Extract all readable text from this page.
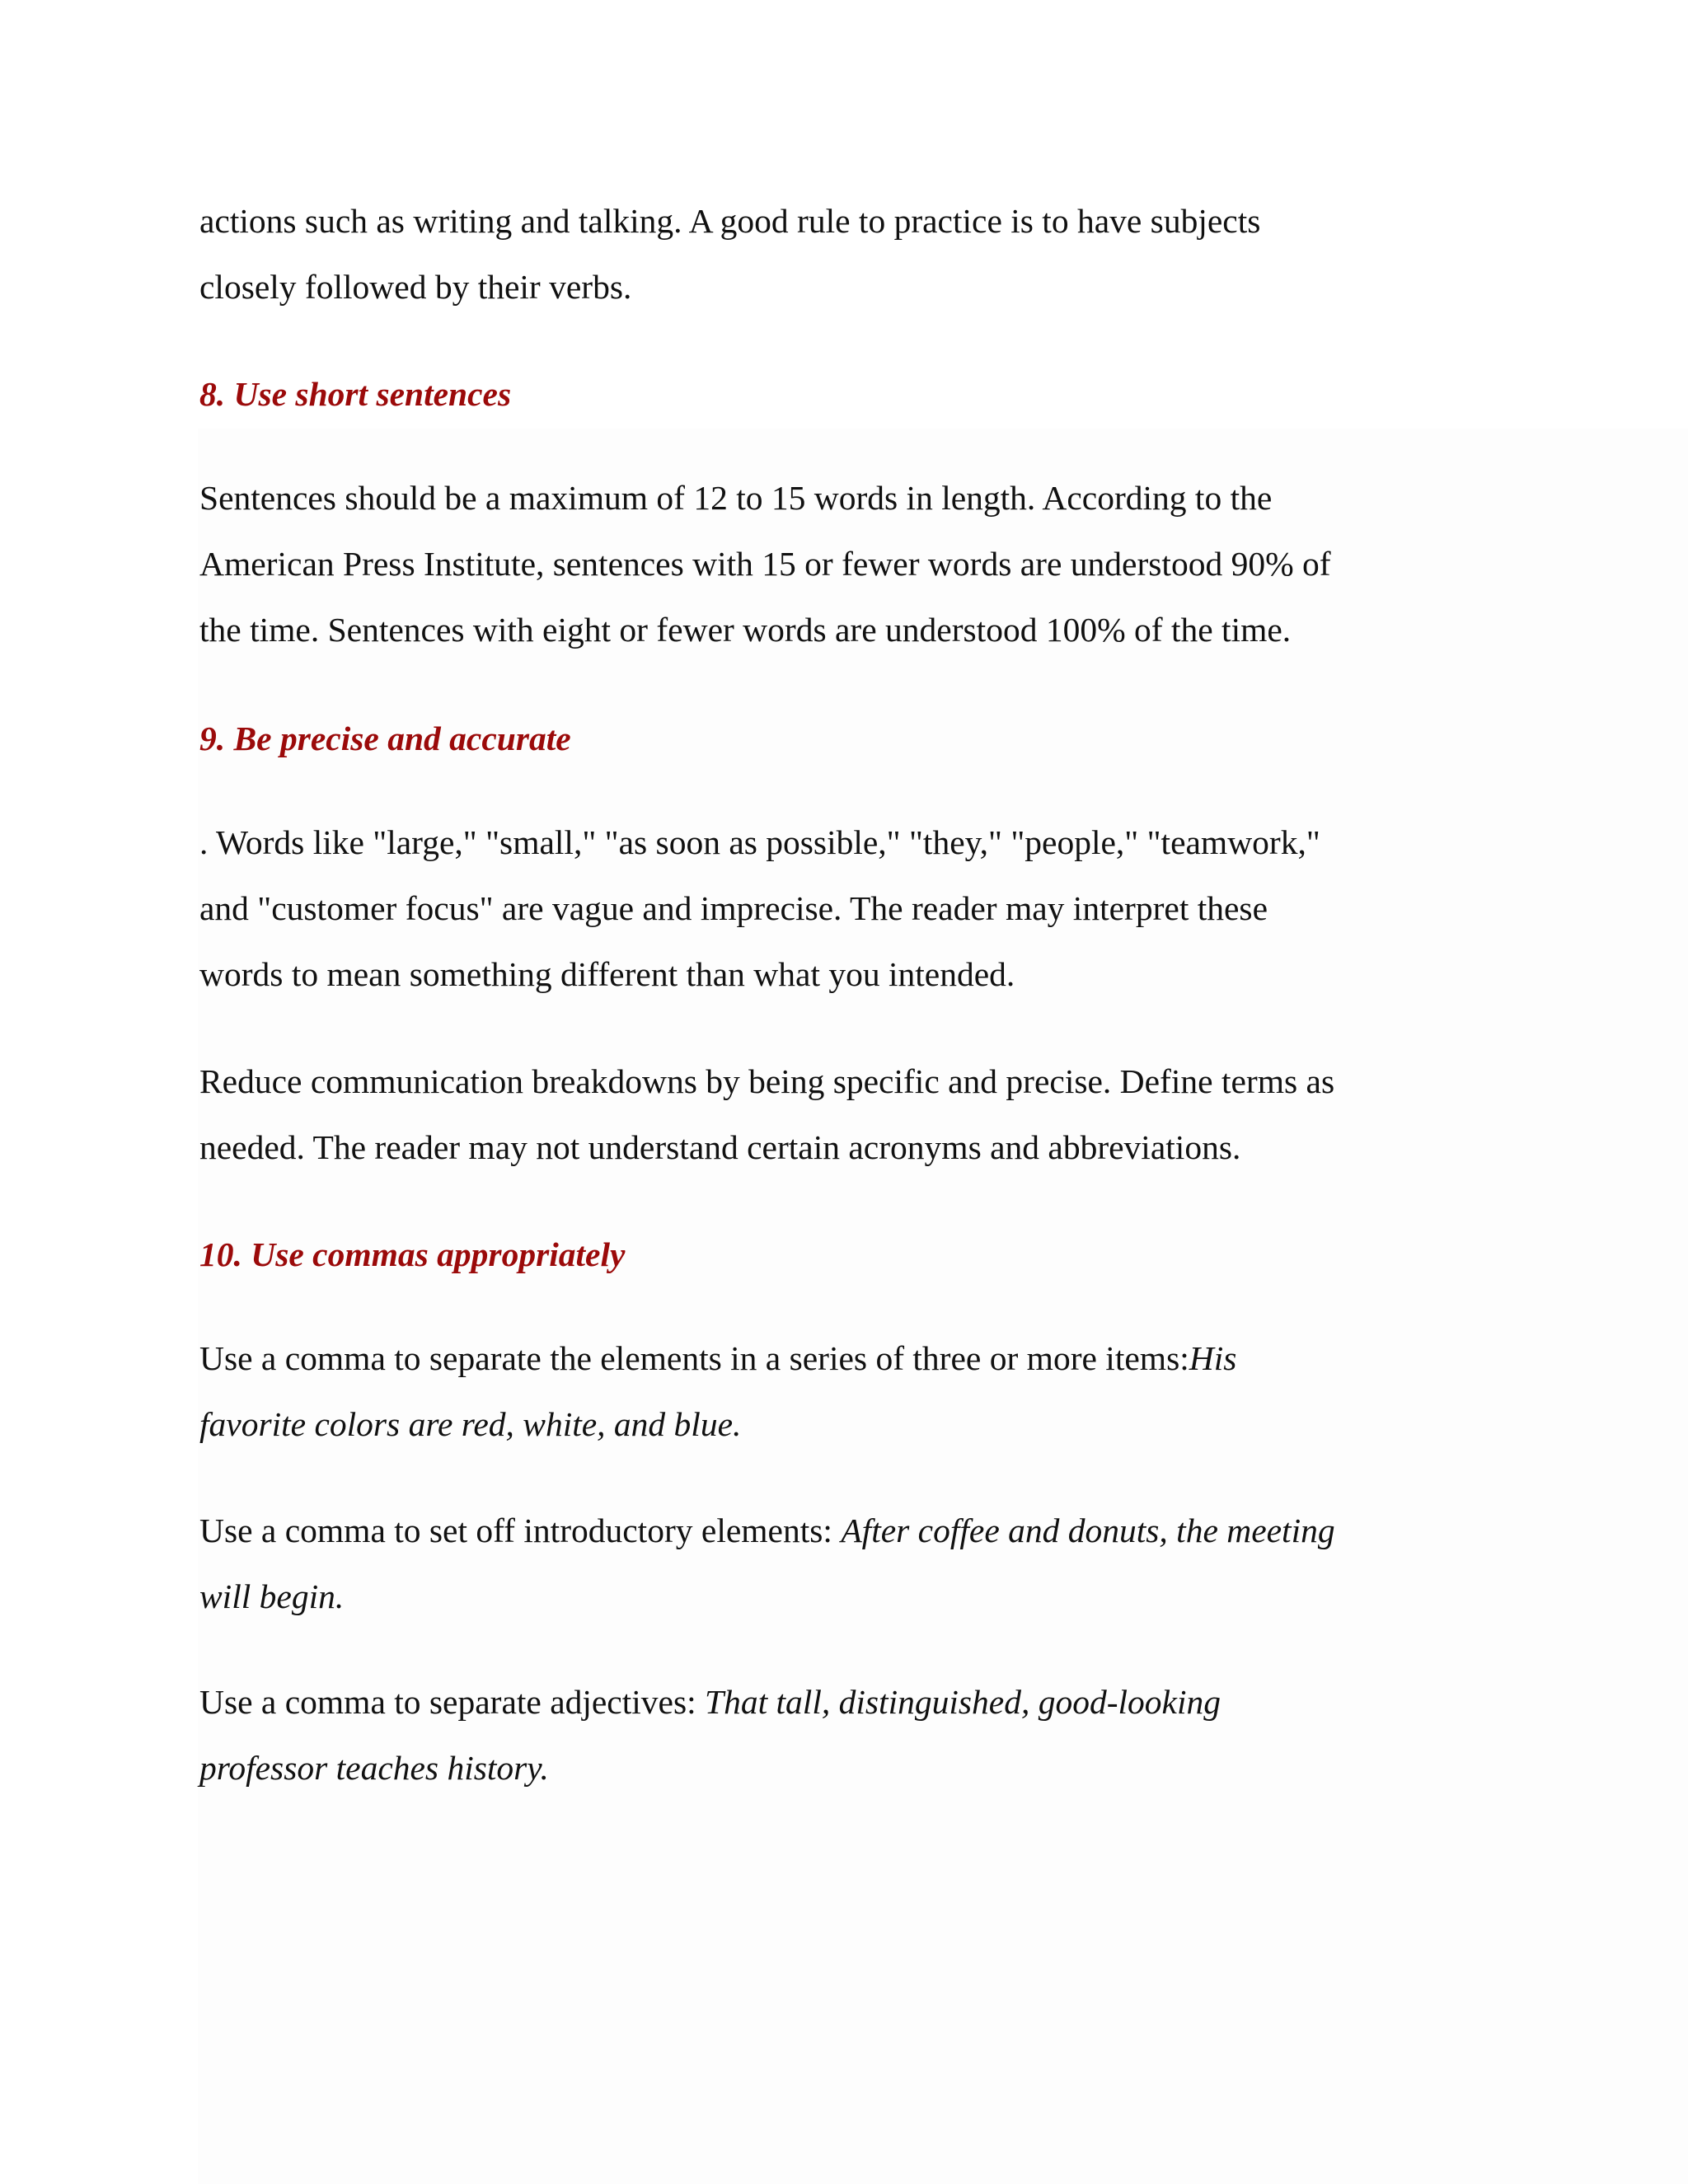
actions such as writing and talking. A good rule to practice is to have subjects
closely followed by their verbs.
8. Use short sentences
Sentences should be a maximum of 12 to 15 words in length. According to the
American Press Institute, sentences with 15 or fewer words are understood 90% of
the time. Sentences with eight or fewer words are understood 100% of the time.
9. Be precise and accurate
. Words like "large," "small," "as soon as possible," "they," "people," "teamwork,"
and "customer focus" are vague and imprecise. The reader may interpret these
words to mean something different than what you intended.
Reduce communication breakdowns by being specific and precise. Define terms as
needed. The reader may not understand certain acronyms and abbreviations.
10. Use commas appropriately
Use a comma to separate the elements in a series of three or more items:His
favorite colors are red, white, and blue.
Use a comma to set off introductory elements: After coffee and donuts, the meeting
will begin.
Use a comma to separate adjectives: That tall, distinguished, good-looking
professor teaches history.
